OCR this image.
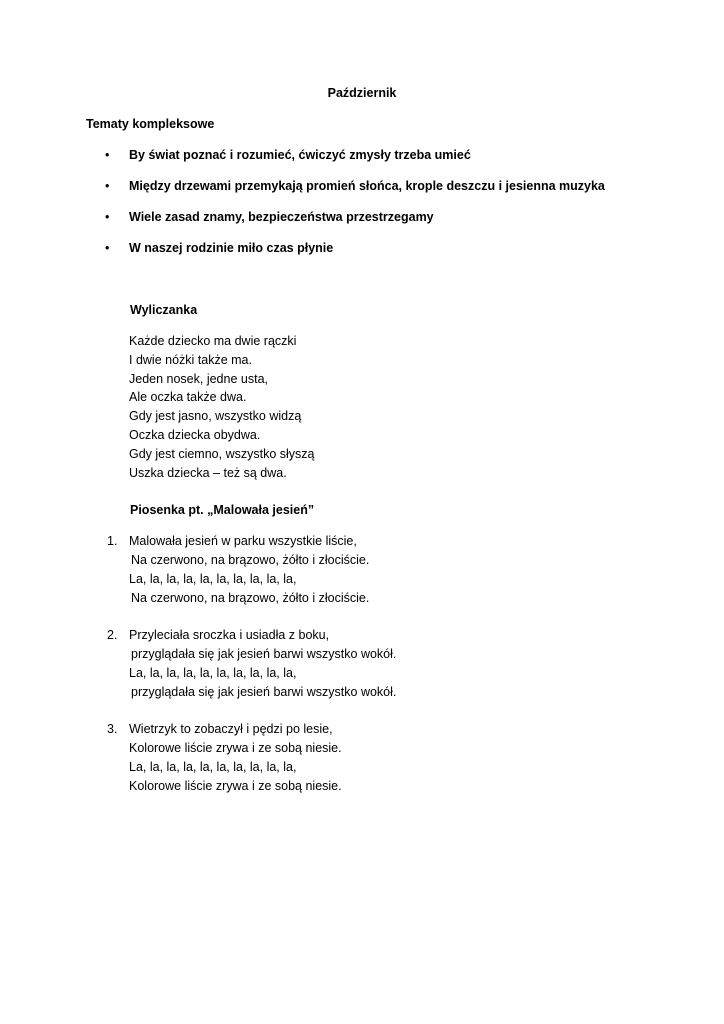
Październik
Tematy kompleksowe
• By świat poznać i rozumieć, ćwiczyć zmysły trzeba umieć
• Między drzewami przemykają promień słońca, krople deszczu i jesienna muzyka
• Wiele zasad znamy, bezpieczeństwa przestrzegamy
• W naszej rodzinie miło czas płynie
Wyliczanka
Każde dziecko ma dwie rączki
I dwie nóżki także ma.
Jeden nosek, jedne usta,
Ale oczka także dwa.
Gdy jest jasno, wszystko widzą
Oczka dziecka obydwa.
Gdy jest ciemno, wszystko słyszą
Uszka dziecka – też są dwa.
Piosenka pt. „Malowała jesień”
1. Malowała jesień w parku wszystkie liście,
Na czerwono, na brązowo, żółto i złociście.
La, la, la, la, la, la, la, la, la, la,
Na czerwono, na brązowo, żółto i złociście.
2. Przyleciała sroczka i usiadła z boku,
przyglądała się jak jesień barwi wszystko wokół.
La, la, la, la, la, la, la, la, la, la,
przyglądała się jak jesień barwi wszystko wokół.
3. Wietrzyk to zobaczył i pędzi po lesie,
Kolorowe liście zrywa i ze sobą niesie.
La, la, la, la, la, la, la, la, la, la,
Kolorowe liście zrywa i ze sobą niesie.
